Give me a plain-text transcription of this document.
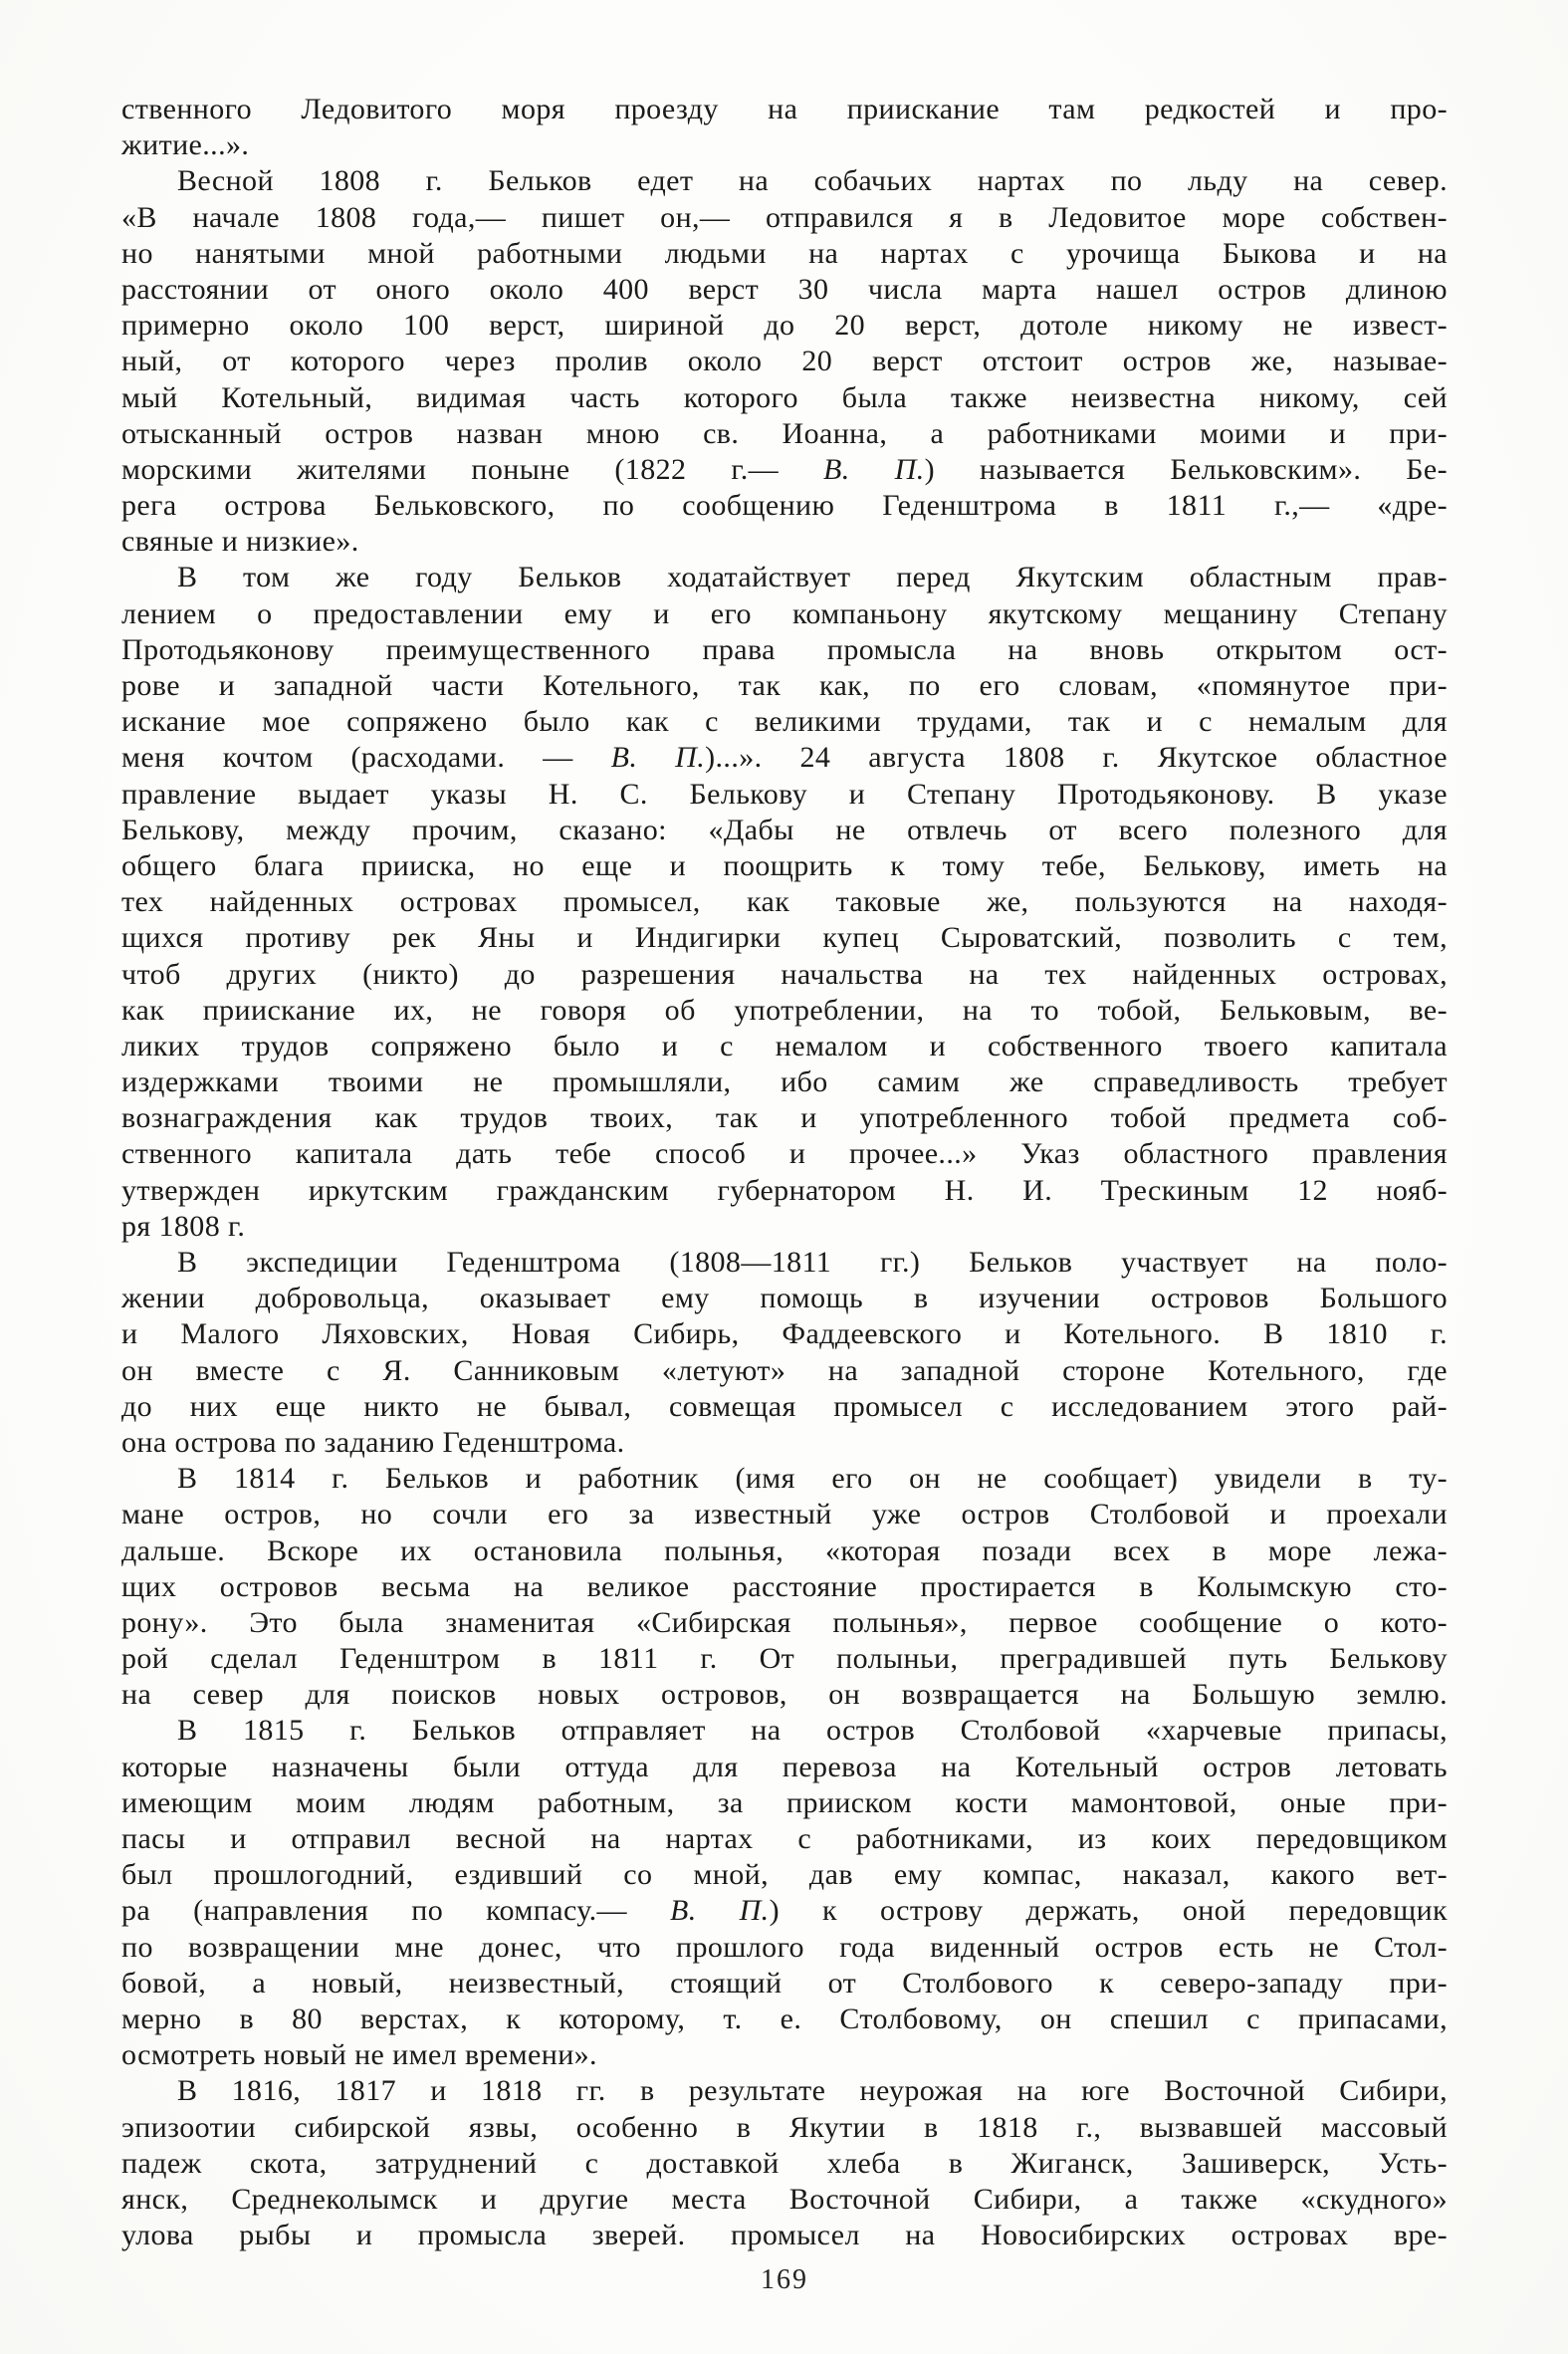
ственного Ледовитого моря проезду на приискание там редкостей и про-
житие...».
Весной 1808 г. Бельков едет на собачьих нартах по льду на север.
«В начале 1808 года,— пишет он,— отправился я в Ледовитое море собствен-
но нанятыми мной работными людьми на нартах с урочища Быкова и на
расстоянии от оного около 400 верст 30 числа марта нашел остров длиною
примерно около 100 верст, шириной до 20 верст, дотоле никому не извест-
ный, от которого через пролив около 20 верст отстоит остров же, называе-
мый Котельный, видимая часть которого была также неизвестна никому, сей
отысканный остров назван мною св. Иоанна, а работниками моими и при-
морскими жителями поныне (1822 г.— В. П.) называется Бельковским». Бе-
рега острова Бельковского, по сообщению Геденштрома в 1811 г.,— «дре-
свяные и низкие».
В том же году Бельков ходатайствует перед Якутским областным прав-
лением о предоставлении ему и его компаньону якутскому мещанину Степану
Протодьяконову преимущественного права промысла на вновь открытом ост-
рове и западной части Котельного, так как, по его словам, «помянутое при-
искание мое сопряжено было как с великими трудами, так и с немалым для
меня кочтом (расходами. — В. П.)...». 24 августа 1808 г. Якутское областное
правление выдает указы Н. С. Белькову и Степану Протодьяконову. В указе
Белькову, между прочим, сказано: «Дабы не отвлечь от всего полезного для
общего блага прииска, но еще и поощрить к тому тебе, Белькову, иметь на
тех найденных островах промысел, как таковые же, пользуются на находя-
щихся противу рек Яны и Индигирки купец Сыроватский, позволить с тем,
чтоб других (никто) до разрешения начальства на тех найденных островах,
как приискание их, не говоря об употреблении, на то тобой, Бельковым, ве-
ликих трудов сопряжено было и с немалом и собственного твоего капитала
издержками твоими не промышляли, ибо самим же справедливость требует
вознаграждения как трудов твоих, так и употребленного тобой предмета соб-
ственного капитала дать тебе способ и прочее...» Указ областного правления
утвержден иркутским гражданским губернатором Н. И. Трескиным 12 нояб-
ря 1808 г.
В экспедиции Геденштрома (1808—1811 гг.) Бельков участвует на поло-
жении добровольца, оказывает ему помощь в изучении островов Большого
и Малого Ляховских, Новая Сибирь, Фаддеевского и Котельного. В 1810 г.
он вместе с Я. Санниковым «летуют» на западной стороне Котельного, где
до них еще никто не бывал, совмещая промысел с исследованием этого рай-
она острова по заданию Геденштрома.
В 1814 г. Бельков и работник (имя его он не сообщает) увидели в ту-
мане остров, но сочли его за известный уже остров Столбовой и проехали
дальше. Вскоре их остановила полынья, «которая позади всех в море лежа-
щих островов весьма на великое расстояние простирается в Колымскую сто-
рону». Это была знаменитая «Сибирская полынья», первое сообщение о кото-
рой сделал Геденштром в 1811 г. От полыньи, преградившей путь Белькову
на север для поисков новых островов, он возвращается на Большую землю.
В 1815 г. Бельков отправляет на остров Столбовой «харчевые припасы,
которые назначены были оттуда для перевоза на Котельный остров летовать
имеющим моим людям работным, за прииском кости мамонтовой, оные при-
пасы и отправил весной на нартах с работниками, из коих передовщиком
был прошлогодний, ездивший со мной, дав ему компас, наказал, какого вет-
ра (направления по компасу.— В. П.) к острову держать, оной передовщик
по возвращении мне донес, что прошлого года виденный остров есть не Стол-
бовой, а новый, неизвестный, стоящий от Столбового к северо-западу при-
мерно в 80 верстах, к которому, т. е. Столбовому, он спешил с припасами,
осмотреть новый не имел времени».
В 1816, 1817 и 1818 гг. в результате неурожая на юге Восточной Сибири,
эпизоотии сибирской язвы, особенно в Якутии в 1818 г., вызвавшей массовый
падеж скота, затруднений с доставкой хлеба в Жиганск, Зашиверск, Усть-
янск, Среднеколымск и другие места Восточной Сибири, а также «скудного»
улова рыбы и промысла зверей. промысел на Новосибирских островах вре-
169
